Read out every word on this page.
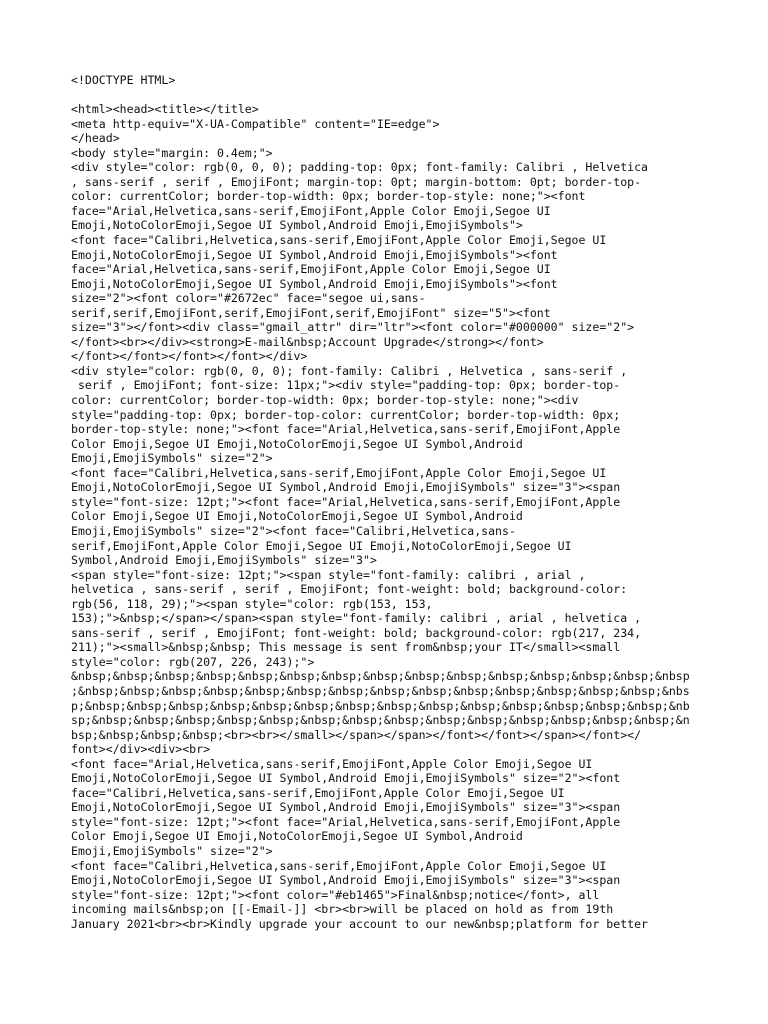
<!DOCTYPE HTML>
<html><head><title></title>
<meta http-equiv="X-UA-Compatible" content="IE=edge">
</head>
<body style="margin: 0.4em;">
<div style="color: rgb(0, 0, 0); padding-top: 0px; font-family: Calibri , Helvetica
, sans-serif , serif , EmojiFont; margin-top: 0pt; margin-bottom: 0pt; border-top-
color: currentColor; border-top-width: 0px; border-top-style: none;"><font
face="Arial,Helvetica,sans-serif,EmojiFont,Apple Color Emoji,Segoe UI
Emoji,NotoColorEmoji,Segoe UI Symbol,Android Emoji,EmojiSymbols">
<font face="Calibri,Helvetica,sans-serif,EmojiFont,Apple Color Emoji,Segoe UI
Emoji,NotoColorEmoji,Segoe UI Symbol,Android Emoji,EmojiSymbols"><font
face="Arial,Helvetica,sans-serif,EmojiFont,Apple Color Emoji,Segoe UI
Emoji,NotoColorEmoji,Segoe UI Symbol,Android Emoji,EmojiSymbols"><font
size="2"><font color="#2672ec" face="segoe ui,sans-
serif,serif,EmojiFont,serif,EmojiFont,serif,EmojiFont" size="5"><font
size="3"></font><div class="gmail_attr" dir="ltr"><font color="#000000" size="2">
</font><br></div><strong>E-mail&nbsp;Account Upgrade</strong></font>
</font></font></font></font></div>
<div style="color: rgb(0, 0, 0); font-family: Calibri , Helvetica , sans-serif ,
serif , EmojiFont; font-size: 11px;"><div style="padding-top: 0px; border-top-
color: currentColor; border-top-width: 0px; border-top-style: none;"><div
style="padding-top: 0px; border-top-color: currentColor; border-top-width: 0px;
border-top-style: none;"><font face="Arial,Helvetica,sans-serif,EmojiFont,Apple
Color Emoji,Segoe UI Emoji,NotoColorEmoji,Segoe UI Symbol,Android
Emoji,EmojiSymbols" size="2">
<font face="Calibri,Helvetica,sans-serif,EmojiFont,Apple Color Emoji,Segoe UI
Emoji,NotoColorEmoji,Segoe UI Symbol,Android Emoji,EmojiSymbols" size="3"><span
style="font-size: 12pt;"><font face="Arial,Helvetica,sans-serif,EmojiFont,Apple
Color Emoji,Segoe UI Emoji,NotoColorEmoji,Segoe UI Symbol,Android
Emoji,EmojiSymbols" size="2"><font face="Calibri,Helvetica,sans-
serif,EmojiFont,Apple Color Emoji,Segoe UI Emoji,NotoColorEmoji,Segoe UI
Symbol,Android Emoji,EmojiSymbols" size="3">
<span style="font-size: 12pt;"><span style="font-family: calibri , arial ,
helvetica , sans-serif , serif , EmojiFont; font-weight: bold; background-color:
rgb(56, 118, 29);"><span style="color: rgb(153, 153,
153);">&nbsp;</span></span><span style="font-family: calibri , arial , helvetica ,
sans-serif , serif , EmojiFont; font-weight: bold; background-color: rgb(217, 234,
211);"><small>&nbsp;&nbsp; This message is sent from&nbsp;your IT</small><small
style="color: rgb(207, 226, 243);">
&nbsp;&nbsp;&nbsp;&nbsp;&nbsp;&nbsp;&nbsp;&nbsp;&nbsp;&nbsp;&nbsp;&nbsp;&nbsp;&nbsp;&nbsp
;&nbsp;&nbsp;&nbsp;&nbsp;&nbsp;&nbsp;&nbsp;&nbsp;&nbsp;&nbsp;&nbsp;&nbsp;&nbsp;&nbsp;&nbs
p;&nbsp;&nbsp;&nbsp;&nbsp;&nbsp;&nbsp;&nbsp;&nbsp;&nbsp;&nbsp;&nbsp;&nbsp;&nbsp;&nbsp;&nb
sp;&nbsp;&nbsp;&nbsp;&nbsp;&nbsp;&nbsp;&nbsp;&nbsp;&nbsp;&nbsp;&nbsp;&nbsp;&nbsp;&nbsp;&n
bsp;&nbsp;&nbsp;&nbsp;<br><br></small></span></span></font></font></span></font></
font></div><div><br>
<font face="Arial,Helvetica,sans-serif,EmojiFont,Apple Color Emoji,Segoe UI
Emoji,NotoColorEmoji,Segoe UI Symbol,Android Emoji,EmojiSymbols" size="2"><font
face="Calibri,Helvetica,sans-serif,EmojiFont,Apple Color Emoji,Segoe UI
Emoji,NotoColorEmoji,Segoe UI Symbol,Android Emoji,EmojiSymbols" size="3"><span
style="font-size: 12pt;"><font face="Arial,Helvetica,sans-serif,EmojiFont,Apple
Color Emoji,Segoe UI Emoji,NotoColorEmoji,Segoe UI Symbol,Android
Emoji,EmojiSymbols" size="2">
<font face="Calibri,Helvetica,sans-serif,EmojiFont,Apple Color Emoji,Segoe UI
Emoji,NotoColorEmoji,Segoe UI Symbol,Android Emoji,EmojiSymbols" size="3"><span
style="font-size: 12pt;"><font color="#eb1465">Final&nbsp;notice</font>, all
incoming mails&nbsp;on [[-Email-]] <br><br>will be placed on hold as from 19th
January 2021<br><br>Kindly upgrade your account to our new&nbsp;platform for better
